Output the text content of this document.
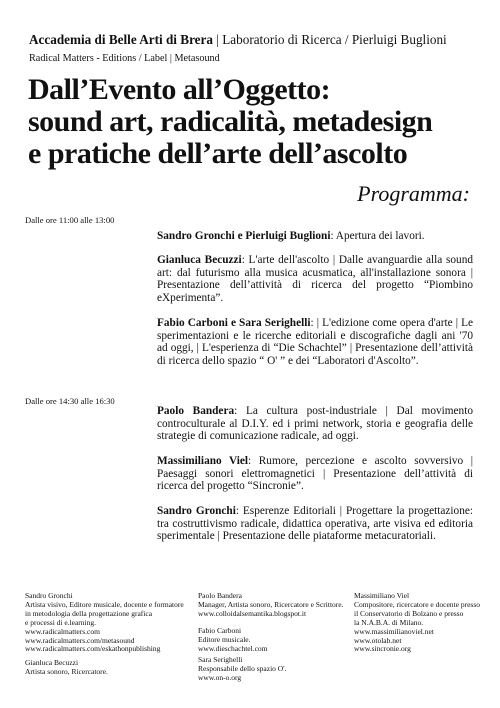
Accademia di Belle Arti di Brera | Laboratorio di Ricerca / Pierluigi Buglioni
Radical Matters - Editions / Label | Metasound
Dall’Evento all’Oggetto:
sound art, radicalità, metadesign
e pratiche dell’arte dell’ascolto
Programma:
Dalle ore 11:00 alle 13:00
Sandro Gronchi e Pierluigi Buglioni: Apertura dei lavori.
Gianluca Becuzzi: L'arte dell'ascolto | Dalle avanguardie alla sound art: dal futurismo alla musica acusmatica, all'installazione sonora | Presentazione dell’attività di ricerca del progetto “Piombino eXperimenta”.
Fabio Carboni e Sara Serighelli: | L'edizione come opera d'arte | Le sperimentazioni e le ricerche editoriali e discografiche dagli ani '70 ad oggi, | L'esperienza di “Die Schachtel” | Presentazione dell’attività di ricerca dello spazio “ O' ” e dei “Laboratori d'Ascolto”.
Dalle ore 14:30 alle 16:30
Paolo Bandera: La cultura post-industriale | Dal movimento controculturale al D.I.Y. ed i primi network, storia e geografia delle strategie di comunicazione radicale, ad oggi.
Massimiliano Viel: Rumore, percezione e ascolto sovversivo | Paesaggi sonori elettromagnetici | Presentazione dell’attività di ricerca del progetto “Sincronie”.
Sandro Gronchi: Esperenze Editoriali | Progettare la progettazione: tra costruttivismo radicale, didattica operativa, arte visiva ed editoria sperimentale | Presentazione delle piataforme metacuratoriali.
Sandro Gronchi
Artista visivo, Editore musicale, docente e formatore
in metodologia della progettazione grafica
e processi di e.learning.
www.radicalmatters.com
www.radicalmatters.com/metasound
www.radicalmatters.com/eskathonpublishing
Gianluca Becuzzi
Artista sonoro, Ricercatore.
Paolo Bandera
Manager, Artista sonoro, Ricercatore e Scrittore.
www.colloidalsemantika.blogspot.it
Fabio Carboni
Editore musicale.
www.dieschachtel.com
Sara Serighelli
Responsabile dello spazio O'.
www.on-o.org
Massimiliano Viel
Compositore, ricercatore e docente presso
il Conservatorio di Bolzano e presso
la N.A.B.A. di Milano.
www.massimilianoviel.net
www.otolab.net
www.sincronie.org
